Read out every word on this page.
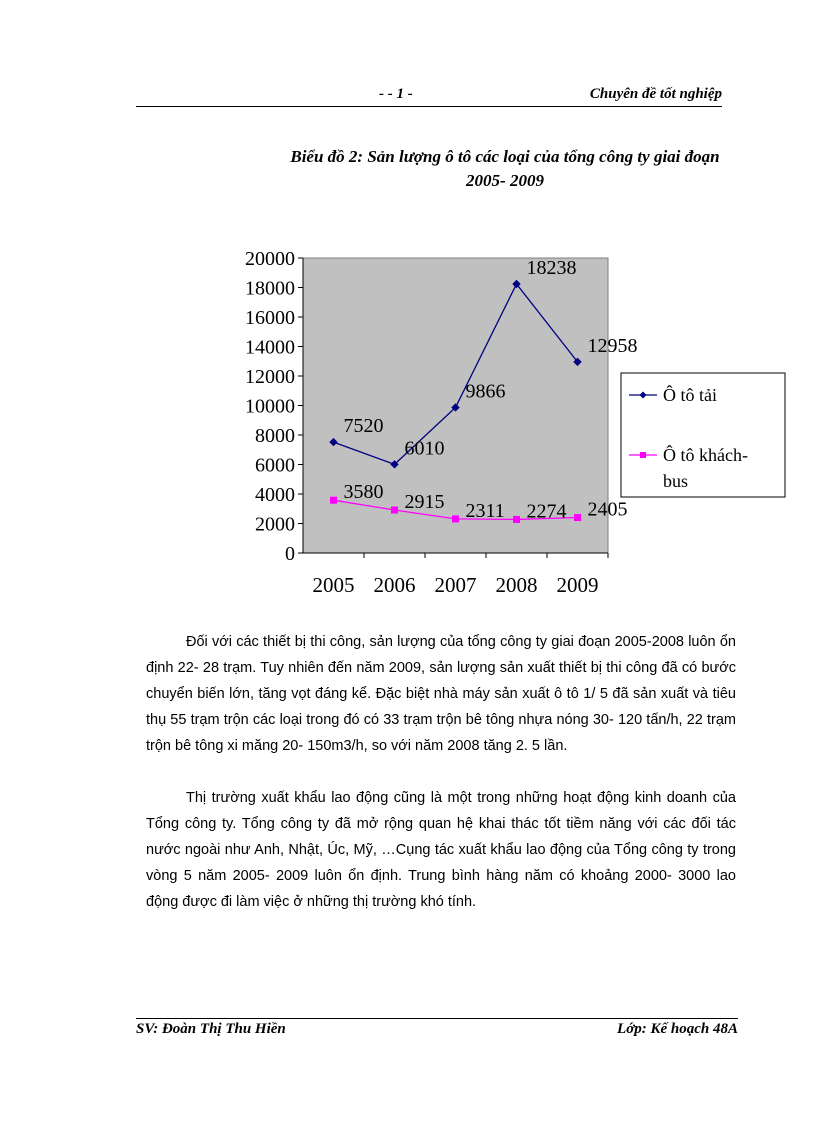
- - 1 -	Chuyên đề tốt nghiệp
Biểu đồ 2: Sản lượng ô tô các loại của tổng công ty giai đoạn
2005- 2009
0
2000
4000
6000
8000
10000
12000
14000
16000
18000
20000
2005 2006 2007 2008 2009
7520
6010
9866
18238
12958
3580 2915 2311 2274 2405
Ô tô tải
Ô tô khách-
bus

Đối với các thiết bị thi công, sản lượng của tổng công ty giai đoạn 2005-2008 luôn ổn định 22- 28 trạm. Tuy nhiên đến năm 2009, sản lượng sản xuất thiết bị thi công đã có bước chuyển biến lớn, tăng vọt đáng kể. Đặc biệt nhà máy sản xuất ô tô 1/ 5 đã sản xuất và tiêu thụ 55 trạm trộn các loại trong đó có 33 trạm trộn bê tông nhựa nóng 30- 120 tấn/h, 22 trạm trộn bê tông xi măng 20- 150m3/h, so với năm 2008 tăng 2. 5 lần.

Thị trường xuất khẩu lao động cũng là một trong những hoạt động kinh doanh của Tổng công ty. Tổng công ty đã mở rộng quan hệ khai thác tốt tiềm năng với các đối tác nước ngoài như Anh, Nhật, Úc, Mỹ, …Cụng tác xuất khẩu lao động của Tổng công ty trong vòng 5 năm 2005- 2009 luôn ổn định. Trung bình hàng năm có khoảng 2000- 3000 lao động được đi làm việc ở những thị trường khó tính.

SV: Đoàn Thị Thu Hiền	Lớp: Kế hoạch 48A
